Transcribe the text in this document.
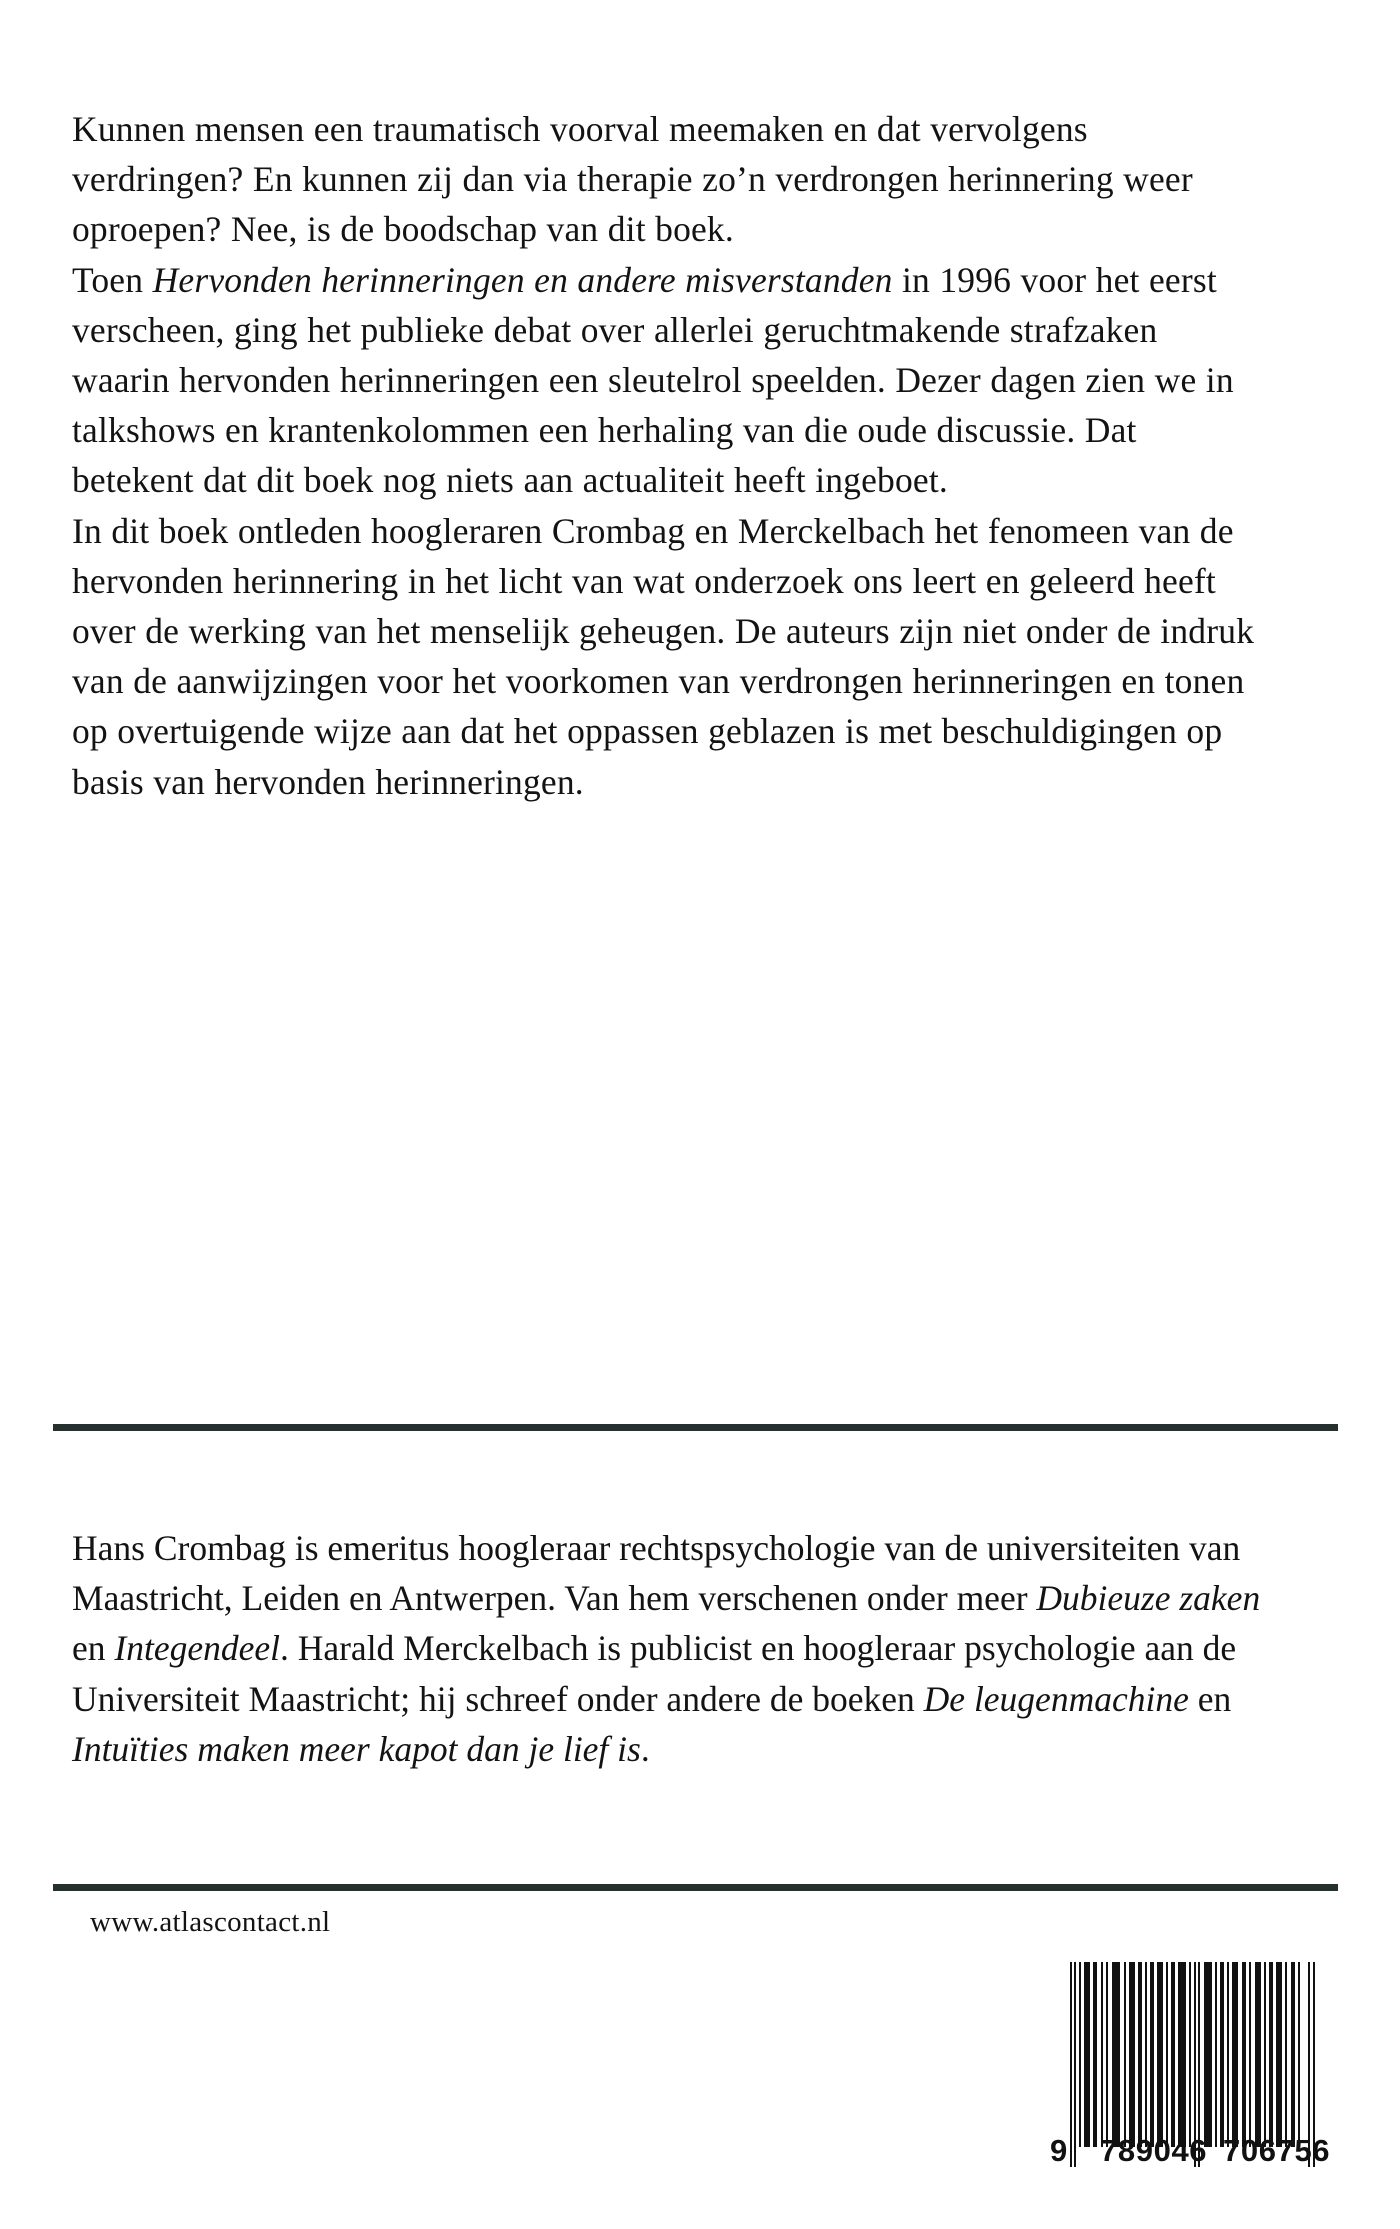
Kunnen mensen een traumatisch voorval meemaken en dat vervolgens verdringen? En kunnen zij dan via therapie zo’n verdrongen herinnering weer oproepen? Nee, is de boodschap van dit boek.

Toen Hervonden herinneringen en andere misverstanden in 1996 voor het eerst verscheen, ging het publieke debat over allerlei geruchtmakende strafzaken waarin hervonden herinneringen een sleutelrol speelden. Dezer dagen zien we in talkshows en krantenkolommen een herhaling van die oude discussie. Dat betekent dat dit boek nog niets aan actualiteit heeft ingeboet.

In dit boek ontleden hoogleraren Crombag en Merckelbach het fenomeen van de hervonden herinnering in het licht van wat onderzoek ons leert en geleerd heeft over de werking van het menselijk geheugen. De auteurs zijn niet onder de indruk van de aanwijzingen voor het voorkomen van verdrongen herinneringen en tonen op overtuigende wijze aan dat het oppassen geblazen is met beschuldigingen op basis van hervonden herinneringen.

Hans Crombag is emeritus hoogleraar rechtspsychologie van de universiteiten van Maastricht, Leiden en Antwerpen. Van hem verschenen onder meer Dubieuze zaken en Integendeel. Harald Merckelbach is publicist en hoogleraar psychologie aan de Universiteit Maastricht; hij schreef onder andere de boeken De leugenmachine en Intuïties maken meer kapot dan je lief is.

www.atlascontact.nl
9 789046 706756
